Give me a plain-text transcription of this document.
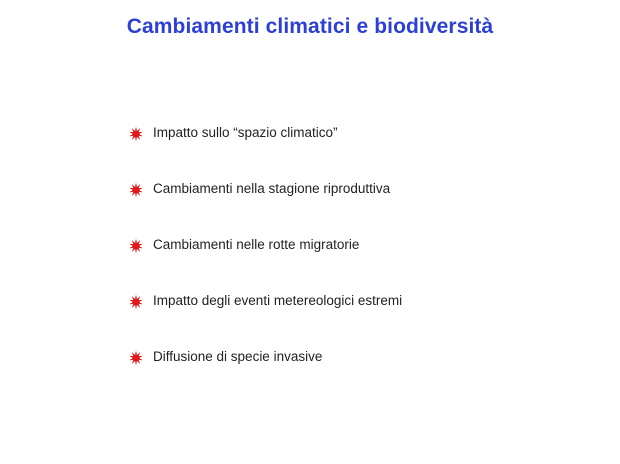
Cambiamenti climatici e biodiversità
Impatto sullo “spazio climatico”
Cambiamenti nella stagione riproduttiva
Cambiamenti nelle rotte migratorie
Impatto degli eventi metereologici estremi
Diffusione di specie invasive
